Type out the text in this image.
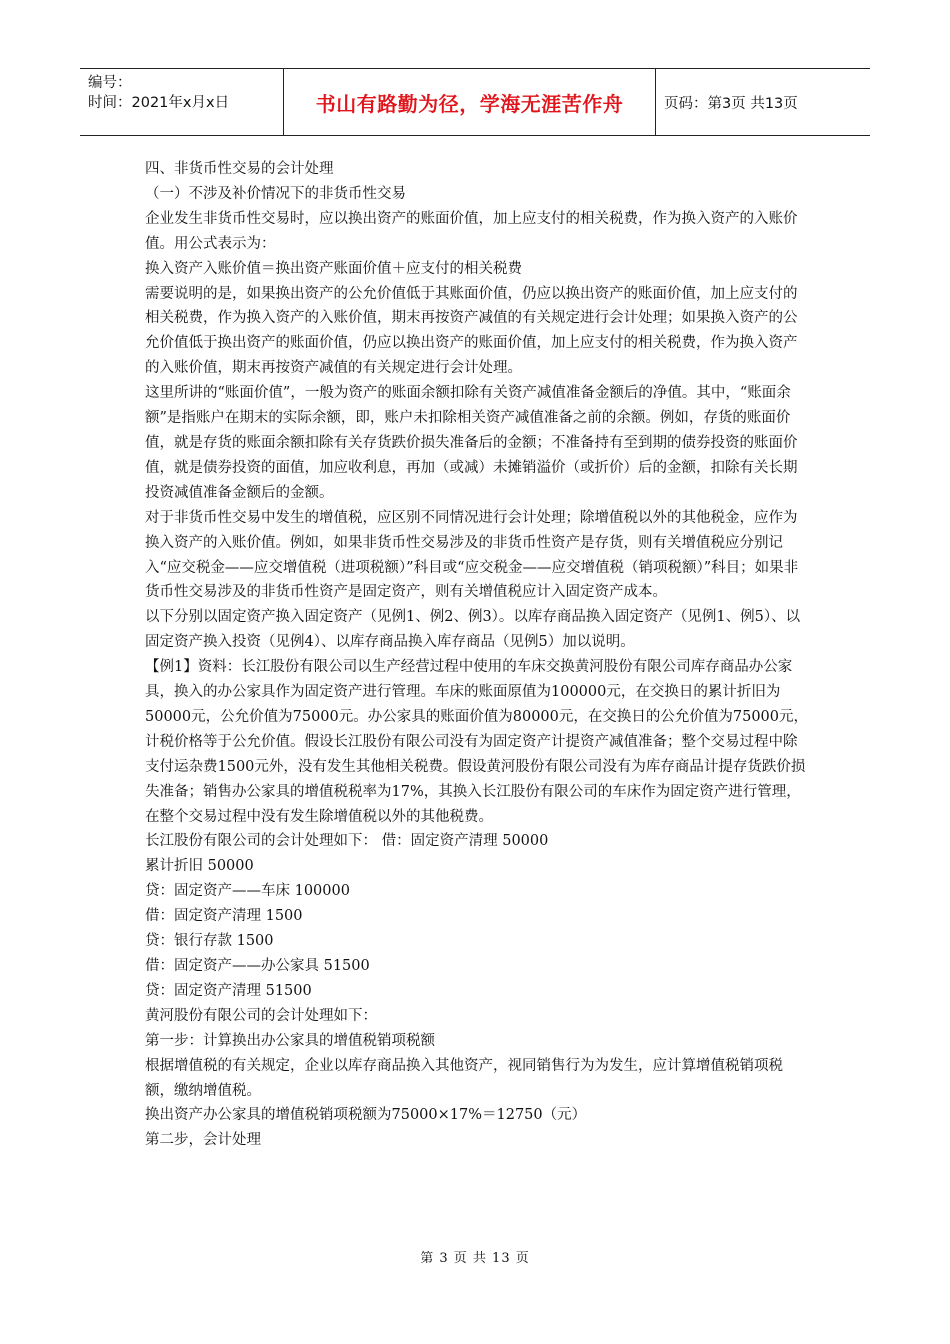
编号：
时间：2021年x月x日	书山有路勤为径，学海无涯苦作舟	页码：第3页 共13页

四、非货币性交易的会计处理

（一）不涉及补价情况下的非货币性交易

企业发生非货币性交易时，应以换出资产的账面价值，加上应支付的相关税费，作为换入资产的入账价值。用公式表示为：

换入资产入账价值＝换出资产账面价值＋应支付的相关税费

需要说明的是，如果换出资产的公允价值低于其账面价值，仍应以换出资产的账面价值，加上应支付的相关税费，作为换入资产的入账价值，期末再按资产减值的有关规定进行会计处理；如果换入资产的公允价值低于换出资产的账面价值，仍应以换出资产的账面价值，加上应支付的相关税费，作为换入资产的入账价值，期末再按资产减值的有关规定进行会计处理。

这里所讲的“账面价值”，一般为资产的账面余额扣除有关资产减值准备金额后的净值。其中，“账面余额”是指账户在期末的实际余额，即，账户未扣除相关资产减值准备之前的余额。例如，存货的账面价值，就是存货的账面余额扣除有关存货跌价损失准备后的金额；不准备持有至到期的债券投资的账面价值，就是债券投资的面值，加应收利息，再加（或减）未摊销溢价（或折价）后的金额，扣除有关长期投资减值准备金额后的金额。

对于非货币性交易中发生的增值税，应区别不同情况进行会计处理；除增值税以外的其他税金，应作为换入资产的入账价值。例如，如果非货币性交易涉及的非货币性资产是存货，则有关增值税应分别记入“应交税金——应交增值税（进项税额）”科目或“应交税金——应交增值税（销项税额）”科目；如果非货币性交易涉及的非货币性资产是固定资产，则有关增值税应计入固定资产成本。

以下分别以固定资产换入固定资产（见例1、例2、例3）。以库存商品换入固定资产（见例1、例5）、以固定资产换入投资（见例4）、以库存商品换入库存商品（见例5）加以说明。

【例1】资料：长江股份有限公司以生产经营过程中使用的车床交换黄河股份有限公司库存商品办公家具，换入的办公家具作为固定资产进行管理。车床的账面原值为100000元，在交换日的累计折旧为50000元，公允价值为75000元。办公家具的账面价值为80000元，在交换日的公允价值为75000元，计税价格等于公允价值。假设长江股份有限公司没有为固定资产计提资产减值准备；整个交易过程中除支付运杂费1500元外，没有发生其他相关税费。假设黄河股份有限公司没有为库存商品计提存货跌价损失准备；销售办公家具的增值税税率为17%，其换入长江股份有限公司的车床作为固定资产进行管理，在整个交易过程中没有发生除增值税以外的其他税费。

长江股份有限公司的会计处理如下： 借：固定资产清理 50000

累计折旧 50000

贷：固定资产——车床 100000

借：固定资产清理 1500

贷：银行存款 1500

借：固定资产——办公家具 51500

贷：固定资产清理 51500

黄河股份有限公司的会计处理如下：

第一步：计算换出办公家具的增值税销项税额

根据增值税的有关规定，企业以库存商品换入其他资产，视同销售行为为发生，应计算增值税销项税额，缴纳增值税。

换出资产办公家具的增值税销项税额为75000×17%＝12750（元）

第二步，会计处理

第 3 页 共 13 页
